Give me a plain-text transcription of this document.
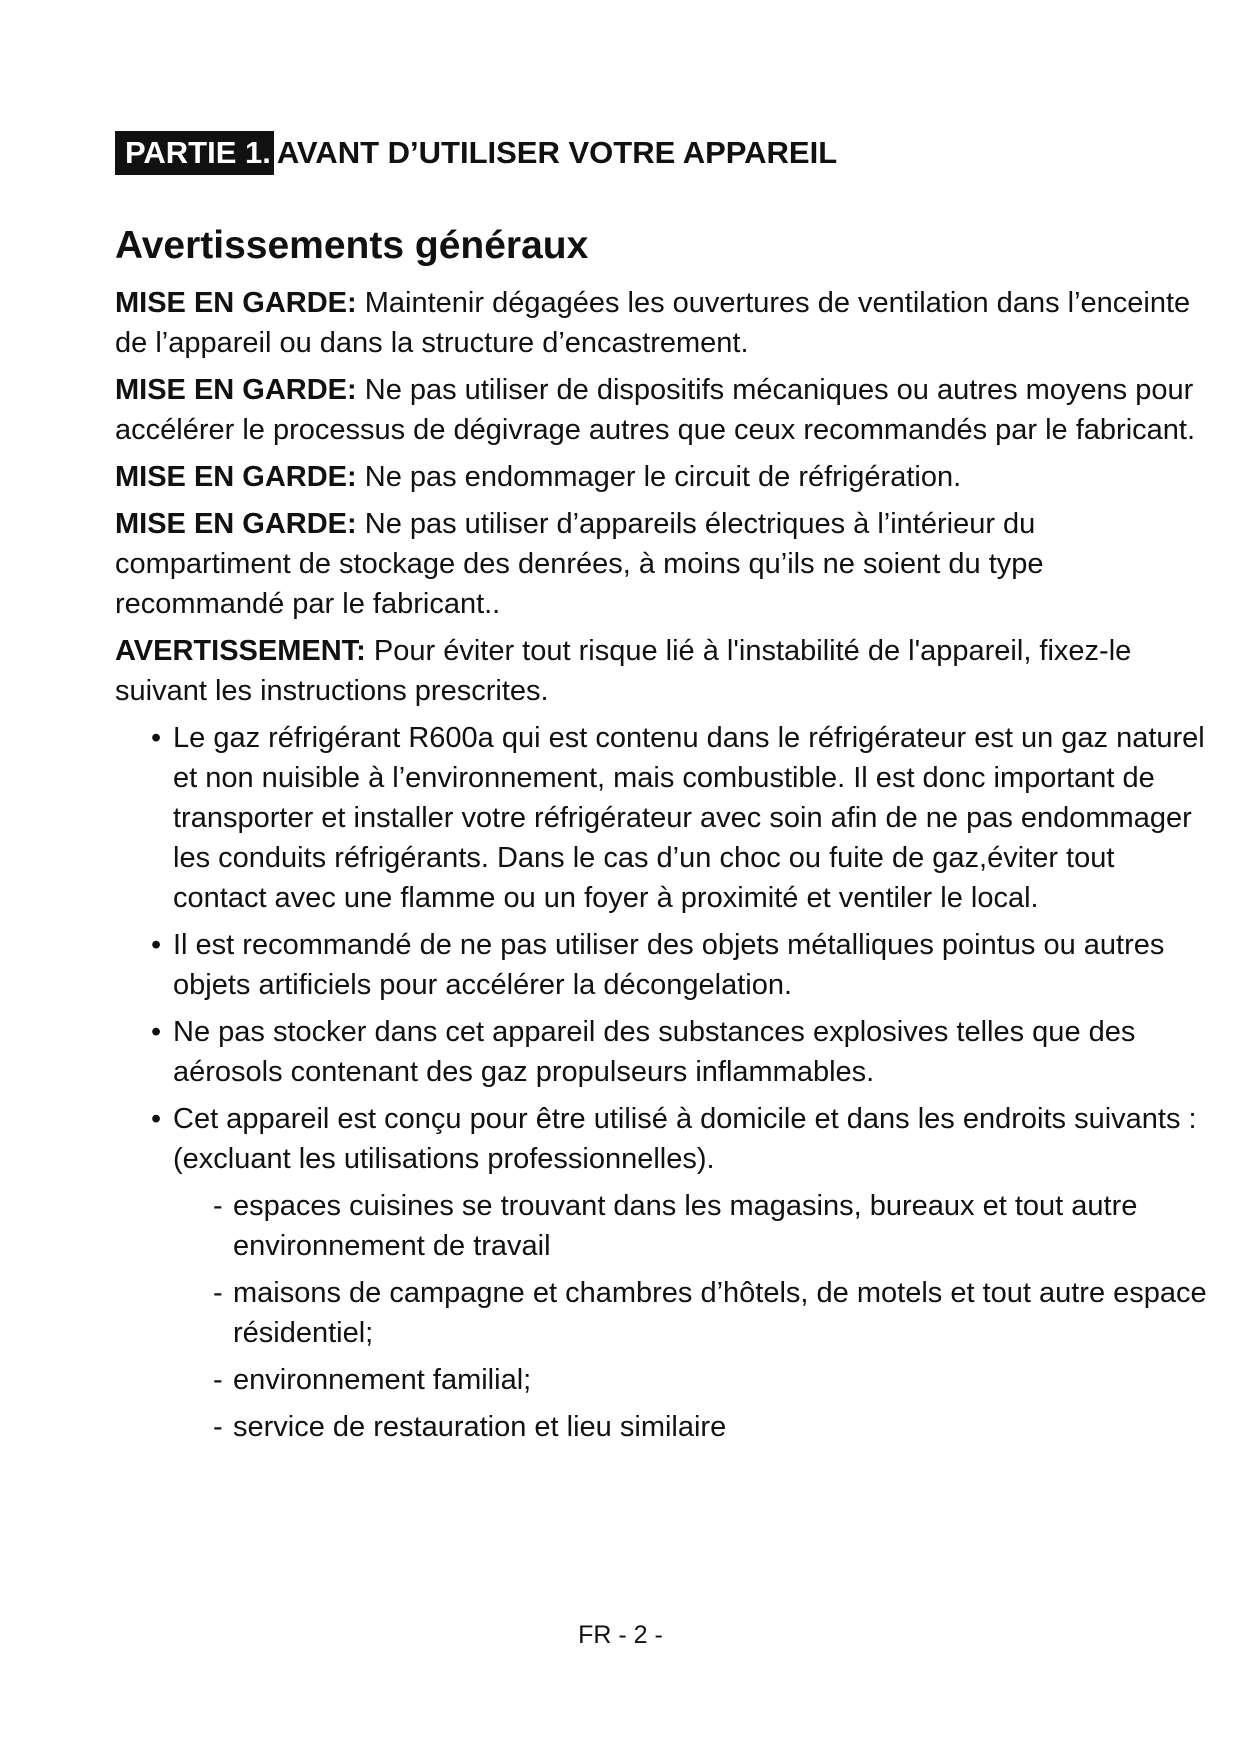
PARTIE 1. AVANT D’UTILISER VOTRE APPAREIL
Avertissements généraux

MISE EN GARDE: Maintenir dégagées les ouvertures de ventilation dans l’enceinte de l’appareil ou dans la structure d’encastrement.

MISE EN GARDE: Ne pas utiliser de dispositifs mécaniques ou autres moyens pour accélérer le processus de dégivrage autres que ceux recommandés par le fabricant.

MISE EN GARDE: Ne pas endommager le circuit de réfrigération.

MISE EN GARDE: Ne pas utiliser d’appareils électriques à l’intérieur du compartiment de stockage des denrées, à moins qu’ils ne soient du type recommandé par le fabricant..

AVERTISSEMENT: Pour éviter tout risque lié à l'instabilité de l'appareil, fixez-le suivant les instructions prescrites.

• Le gaz réfrigérant R600a qui est contenu dans le réfrigérateur est un gaz naturel et non nuisible à l’environnement, mais combustible. Il est donc important de transporter et installer votre réfrigérateur avec soin afin de ne pas endommager les conduits réfrigérants. Dans le cas d’un choc ou fuite de gaz,éviter tout contact avec une flamme ou un foyer à proximité et ventiler le local.
• Il est recommandé de ne pas utiliser des objets métalliques pointus ou autres objets artificiels pour accélérer la décongelation.
• Ne pas stocker dans cet appareil des substances explosives telles que des aérosols contenant des gaz propulseurs inflammables.
• Cet appareil est conçu pour être utilisé à domicile et dans les endroits suivants : (excluant les utilisations professionnelles).
- espaces cuisines se trouvant dans les magasins, bureaux et tout autre environnement de travail
- maisons de campagne et chambres d’hôtels, de motels et tout autre espace résidentiel;
- environnement familial;
- service de restauration et lieu similaire
FR - 2 -
